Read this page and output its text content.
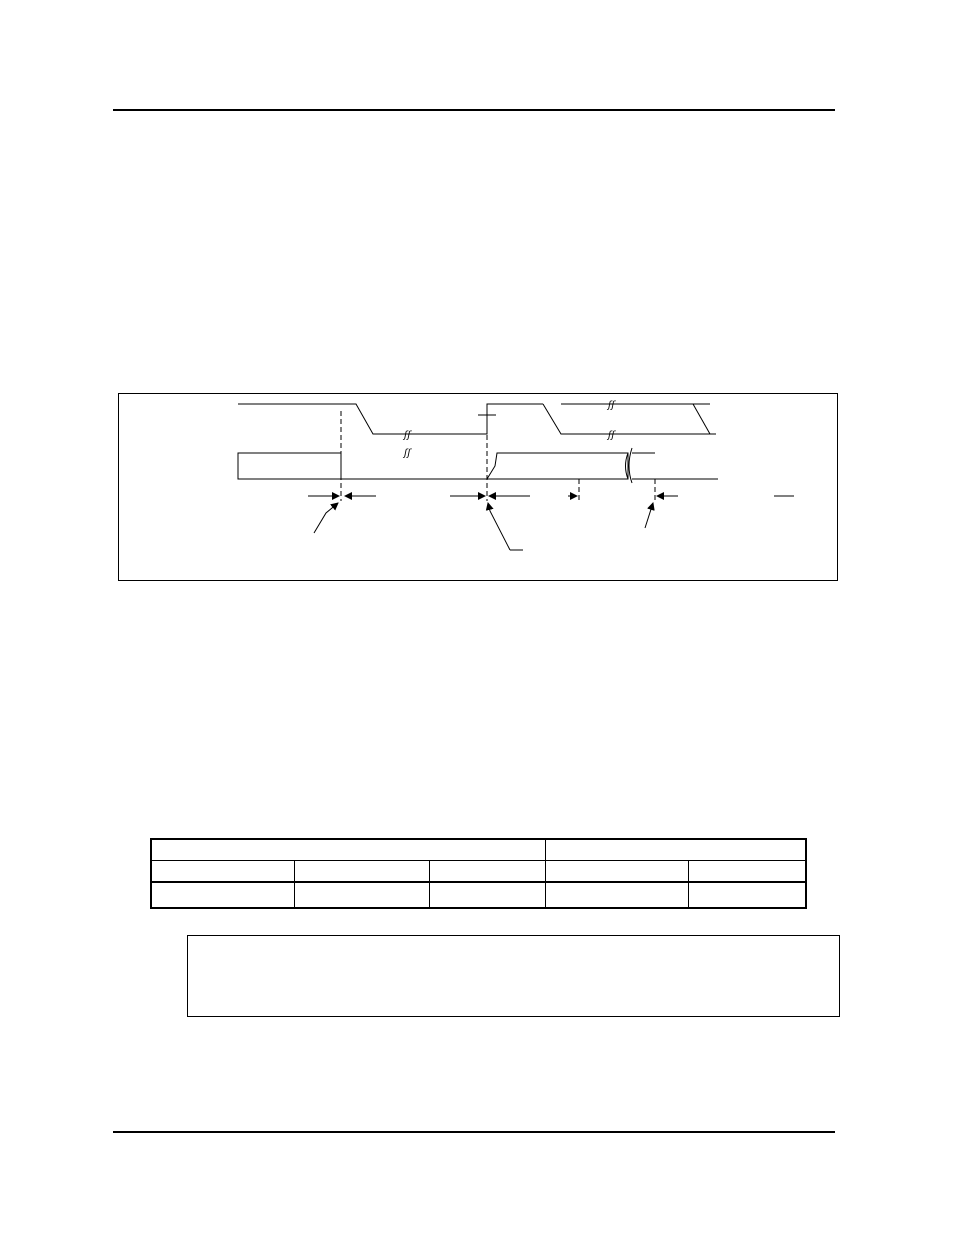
ʃʃ
ʃʃ
ʃʃ
ʃʃ
